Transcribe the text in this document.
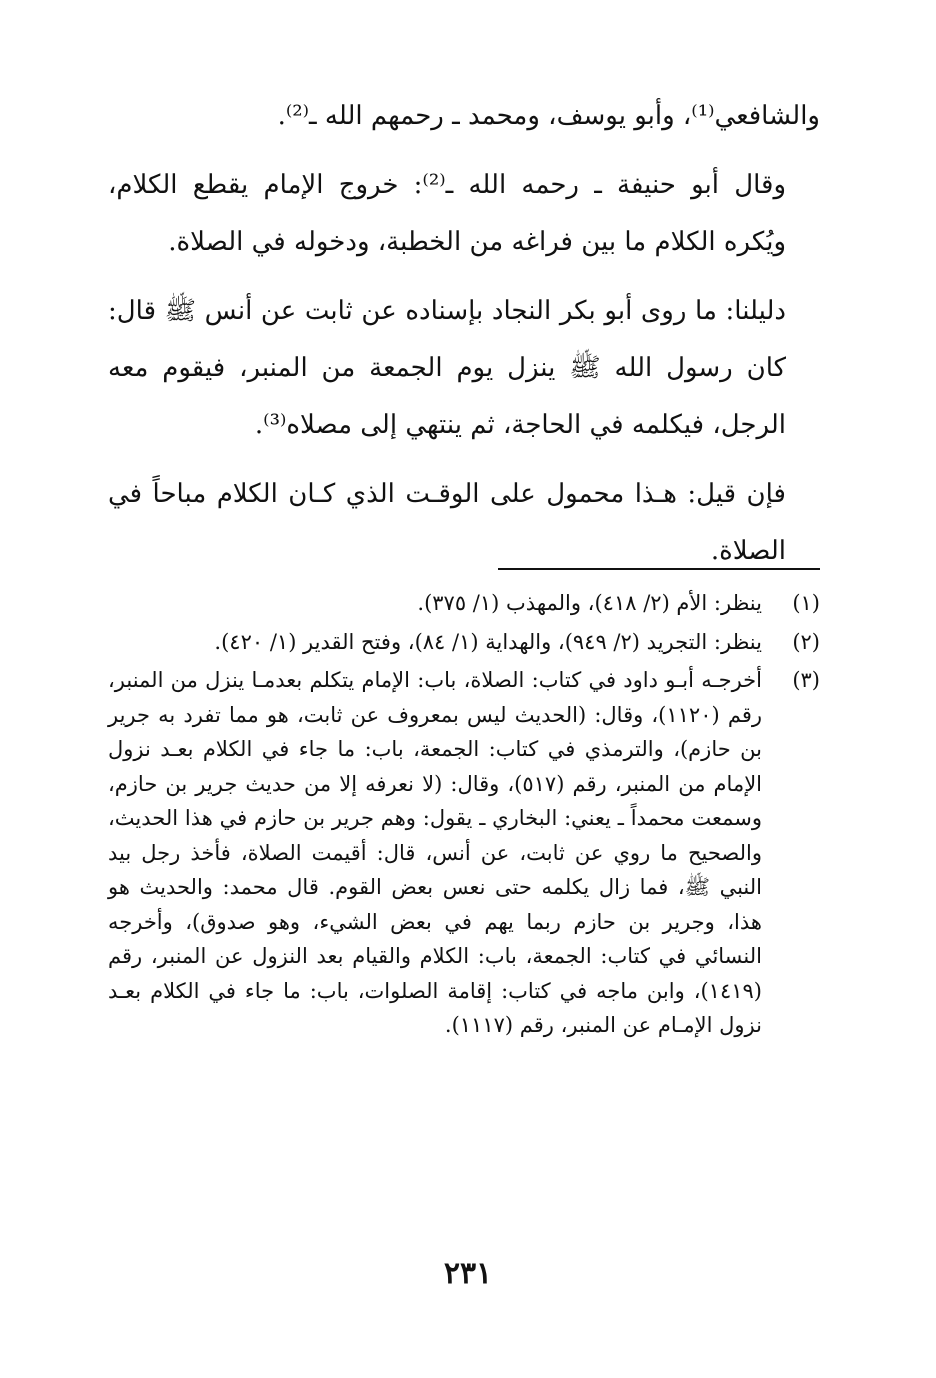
والشافعي⁽¹⁾، وأبو يوسف، ومحمد ـ رحمهم الله ـ⁽²⁾.

وقال أبو حنيفة ـ رحمه الله ـ⁽²⁾: خروج الإمام يقطع الكلام، ويُكره الكلام ما بين فراغه من الخطبة، ودخوله في الصلاة.

دليلنا: ما روى أبو بكر النجاد بإسناده عن ثابت عن أنس ﷺ قال: كان رسول الله ﷺ ينزل يوم الجمعة من المنبر، فيقوم معه الرجل، فيكلمه في الحاجة، ثم ينتهي إلى مصلاه⁽³⁾.

فإن قيل: هـذا محمول على الوقـت الذي كـان الكلام مباحاً في الصلاة.

(١)
ينظر: الأم (٢/ ٤١٨)، والمهذب (١/ ٣٧٥).
(٢)
ينظر: التجريد (٢/ ٩٤٩)، والهداية (١/ ٨٤)، وفتح القدير (١/ ٤٢٠).
(٣)
أخرجـه أبـو داود في كتاب: الصلاة، باب: الإمام يتكلم بعدمـا ينزل من المنبر، رقم (١١٢٠)، وقال: (الحديث ليس بمعروف عن ثابت، هو مما تفرد به جرير بن حازم)، والترمذي في كتاب: الجمعة، باب: ما جاء في الكلام بعـد نزول الإمام من المنبر، رقم (٥١٧)، وقال: (لا نعرفه إلا من حديث جرير بن حازم، وسمعت محمداً ـ يعني: البخاري ـ يقول: وهم جرير بن حازم في هذا الحديث، والصحيح ما روي عن ثابت، عن أنس، قال: أقيمت الصلاة، فأخذ رجل بيد النبي ﷺ، فما زال يكلمه حتى نعس بعض القوم. قال محمد: والحديث هو هذا، وجرير بن حازم ربما يهم في بعض الشيء، وهو صدوق)، وأخرجه النسائي في كتاب: الجمعة، باب: الكلام والقيام بعد النزول عن المنبر، رقم (١٤١٩)، وابن ماجه في كتاب: إقامة الصلوات، باب: ما جاء في الكلام بعـد نزول الإمـام عن المنبر، رقم (١١١٧).
٢٣١
